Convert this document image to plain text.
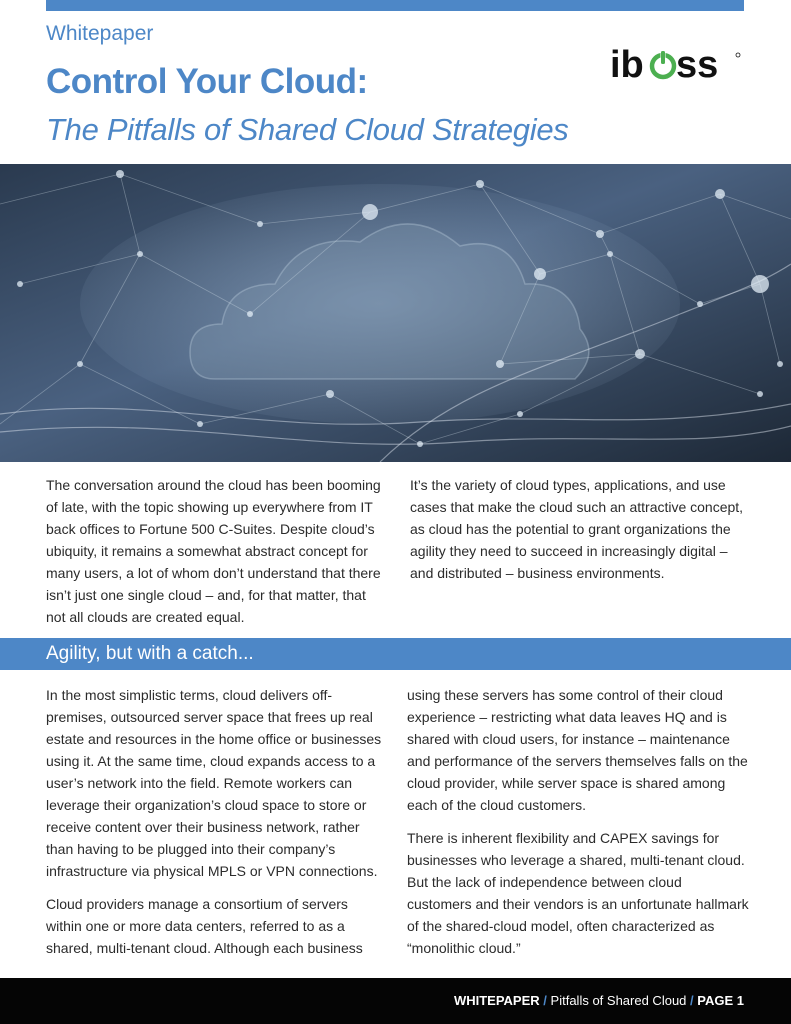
Whitepaper
Control Your Cloud:
The Pitfalls of Shared Cloud Strategies
ib ss

The conversation around the cloud has been booming of late, with the topic showing up everywhere from IT back offices to Fortune 500 C-Suites. Despite cloud’s ubiquity, it remains a somewhat abstract concept for many users, a lot of whom don’t understand that there isn’t just one single cloud – and, for that matter, that not all clouds are created equal.

It’s the variety of cloud types, applications, and use cases that make the cloud such an attractive concept, as cloud has the potential to grant organizations the agility they need to succeed in increasingly digital – and distributed – business environments.

Agility, but with a catch...

In the most simplistic terms, cloud delivers off-premises, outsourced server space that frees up real estate and resources in the home office or businesses using it. At the same time, cloud expands access to a user’s network into the field. Remote workers can leverage their organization’s cloud space to store or receive content over their business network, rather than having to be plugged into their company’s infrastructure via physical MPLS or VPN connections.

Cloud providers manage a consortium of servers within one or more data centers, referred to as a shared, multi-tenant cloud. Although each business

using these servers has some control of their cloud experience – restricting what data leaves HQ and is shared with cloud users, for instance – maintenance and performance of the servers themselves falls on the cloud provider, while server space is shared among each of the cloud customers.

There is inherent flexibility and CAPEX savings for businesses who leverage a shared, multi-tenant cloud. But the lack of independence between cloud customers and their vendors is an unfortunate hallmark of the shared-cloud model, often characterized as “monolithic cloud.”

WHITEPAPER / Pitfalls of Shared Cloud / PAGE 1
